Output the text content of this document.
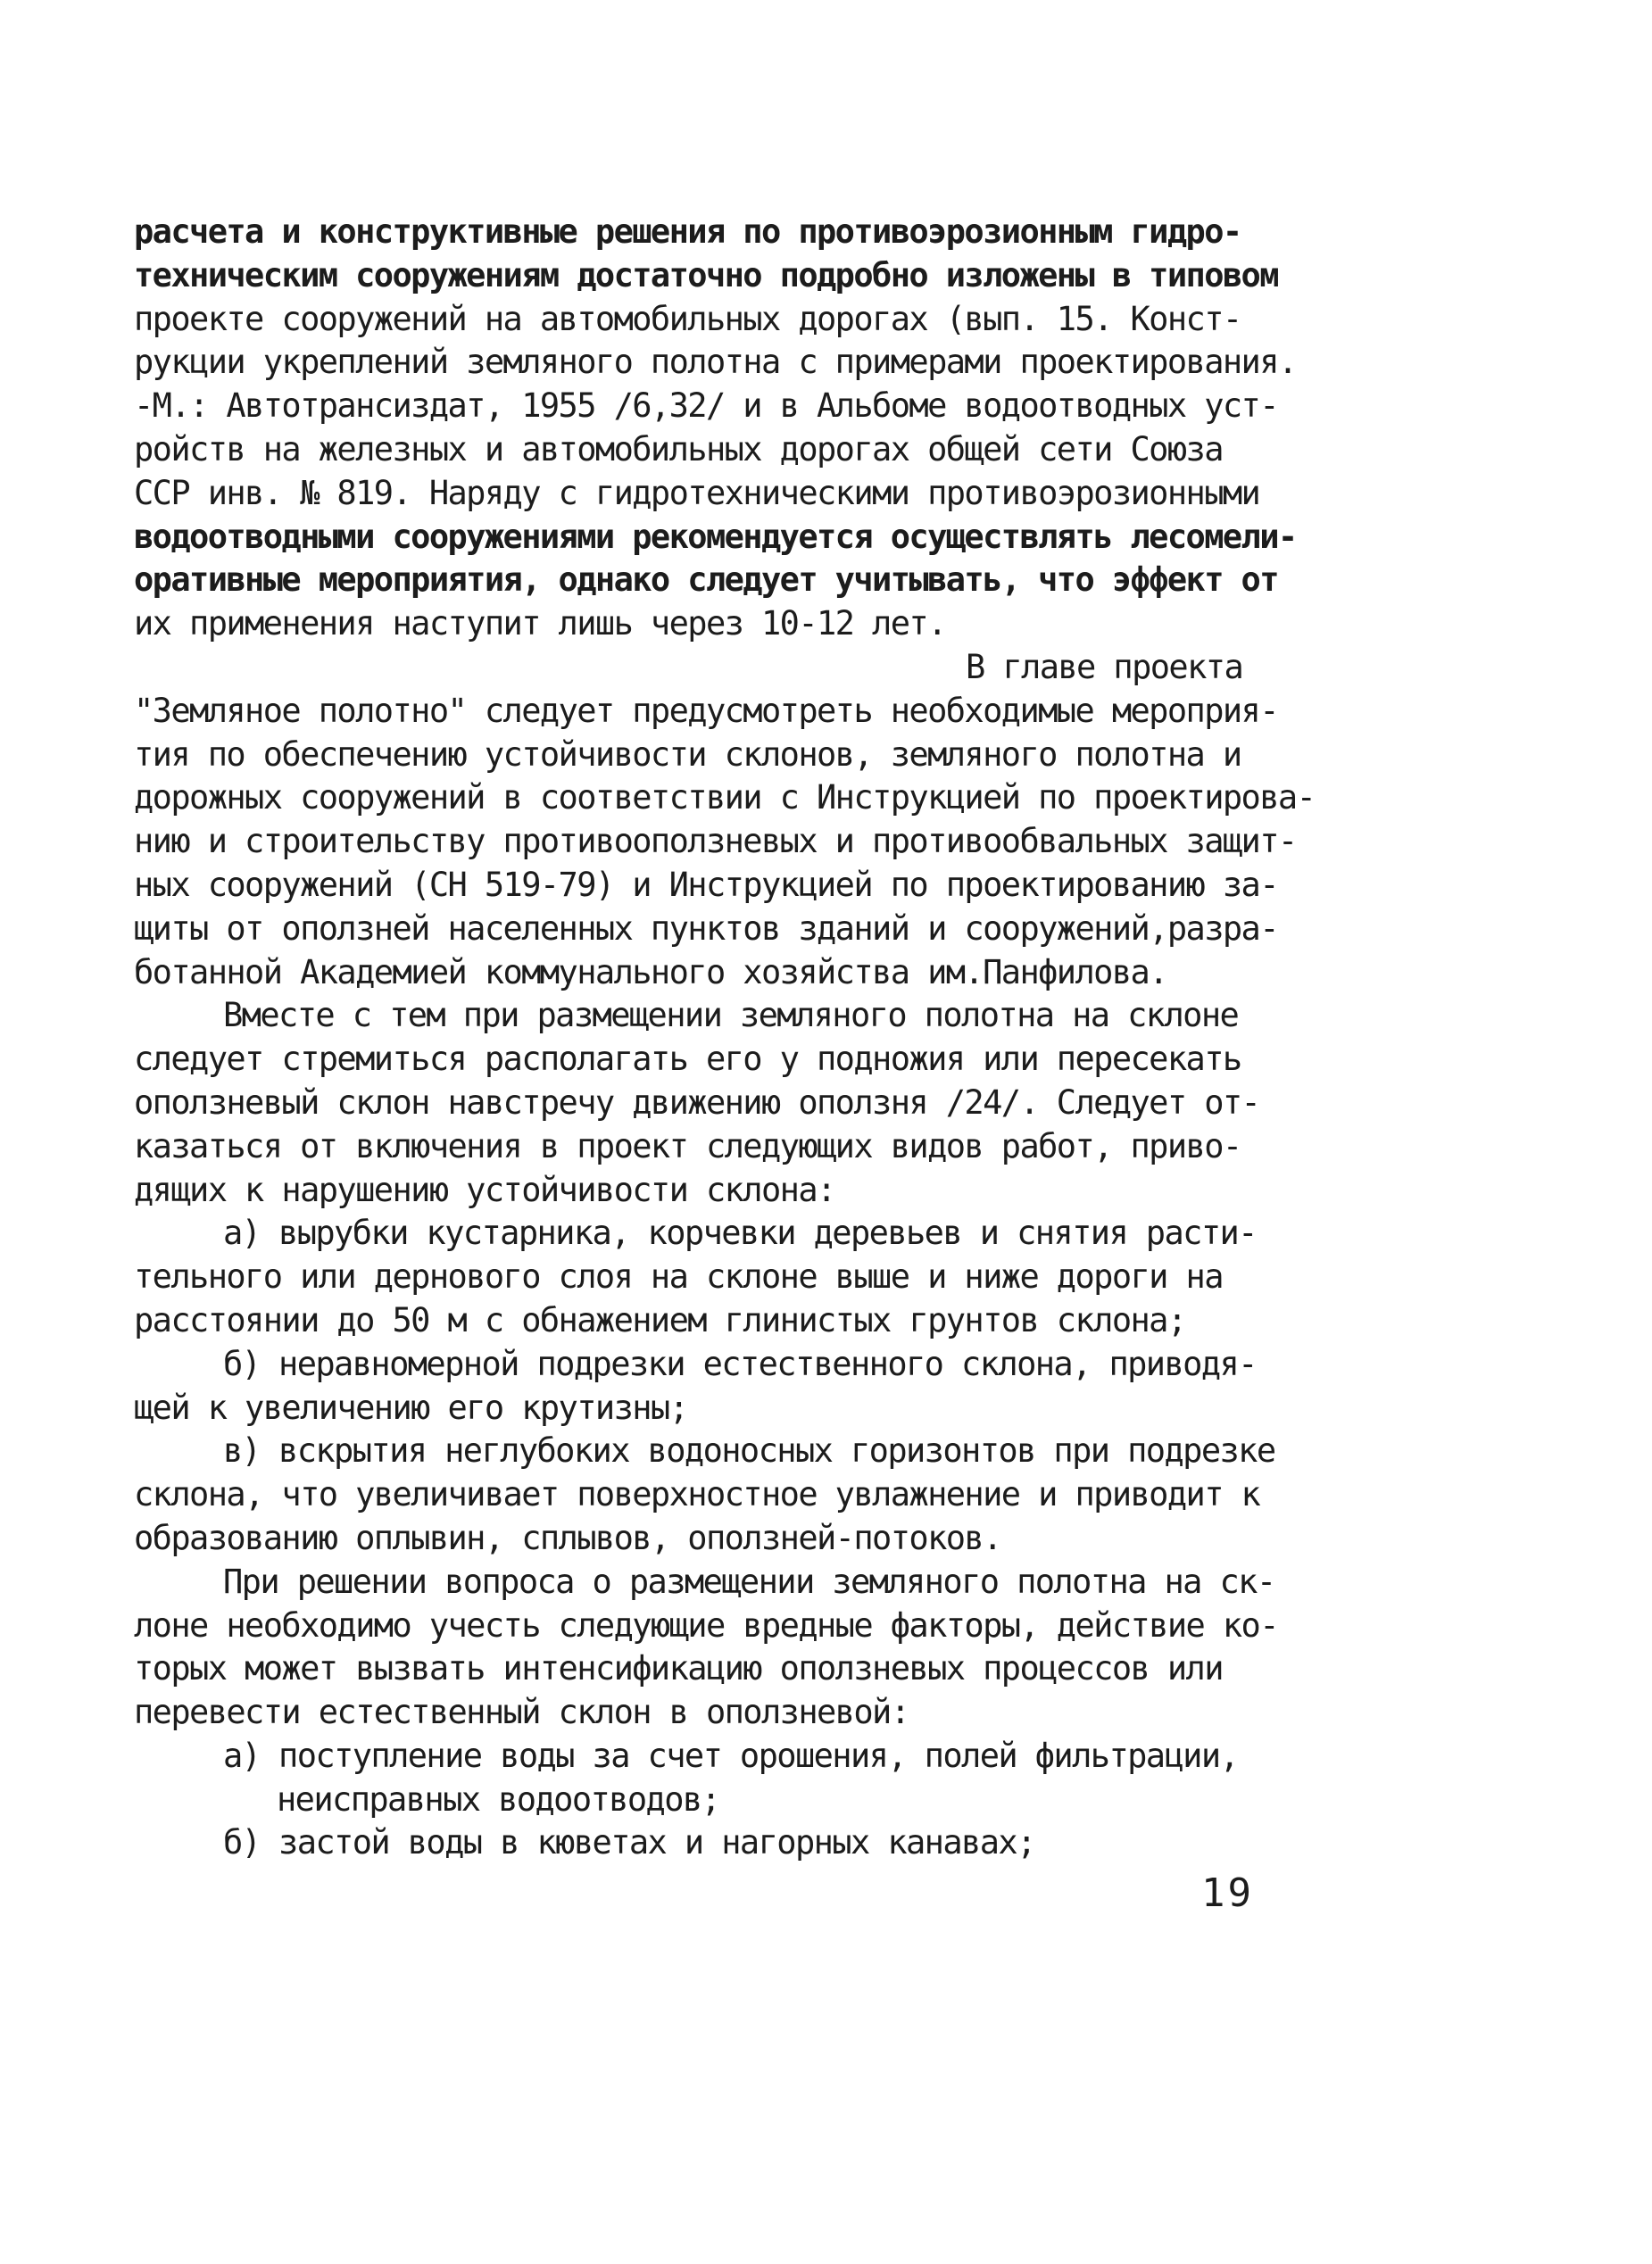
расчета и конструктивные решения по противоэрозионным гидро-
техническим сооружениям достаточно подробно изложены в типовом
проекте сооружений на автомобильных дорогах (вып. 15. Конст-
рукции укреплений земляного полотна с примерами проектирования.
-М.: Автотрансиздат, 1955 /6,32/ и в Альбоме водоотводных уст-
ройств на железных и автомобильных дорогах общей сети Союза
ССР инв. № 819. Наряду с гидротехническими противоэрозионными
водоотводными сооружениями рекомендуется осуществлять лесомели-
оративные мероприятия, однако следует учитывать, что эффект от
их применения наступит лишь через 10-12 лет.
В главе проекта
"Земляное полотно" следует предусмотреть необходимые мероприя-
тия по обеспечению устойчивости склонов, земляного полотна и
дорожных сооружений в соответствии с Инструкцией по проектирова-
нию и строительству противооползневых и противообвальных защит-
ных сооружений (СН 519-79) и Инструкцией по проектированию за-
щиты от оползней населенных пунктов зданий и сооружений,разра-
ботанной Академией коммунального хозяйства им.Панфилова.
Вместе с тем при размещении земляного полотна на склоне
следует стремиться располагать его у подножия или пересекать
оползневый склон навстречу движению оползня /24/. Следует от-
казаться от включения в проект следующих видов работ, приво-
дящих к нарушению устойчивости склона:
а) вырубки кустарника, корчевки деревьев и снятия расти-
тельного или дернового слоя на склоне выше и ниже дороги на
расстоянии до 50 м с обнажением глинистых грунтов склона;
б) неравномерной подрезки естественного склона, приводя-
щей к увеличению его крутизны;
в) вскрытия неглубоких водоносных горизонтов при подрезке
склона, что увеличивает поверхностное увлажнение и приводит к
образованию оплывин, сплывов, оползней-потоков.
При решении вопроса о размещении земляного полотна на ск-
лоне необходимо учесть следующие вредные факторы, действие ко-
торых может вызвать интенсификацию оползневых процессов или
перевести естественный склон в оползневой:
а) поступление воды за счет орошения, полей фильтрации,
неисправных водоотводов;
б) застой воды в кюветах и нагорных канавах;
19
